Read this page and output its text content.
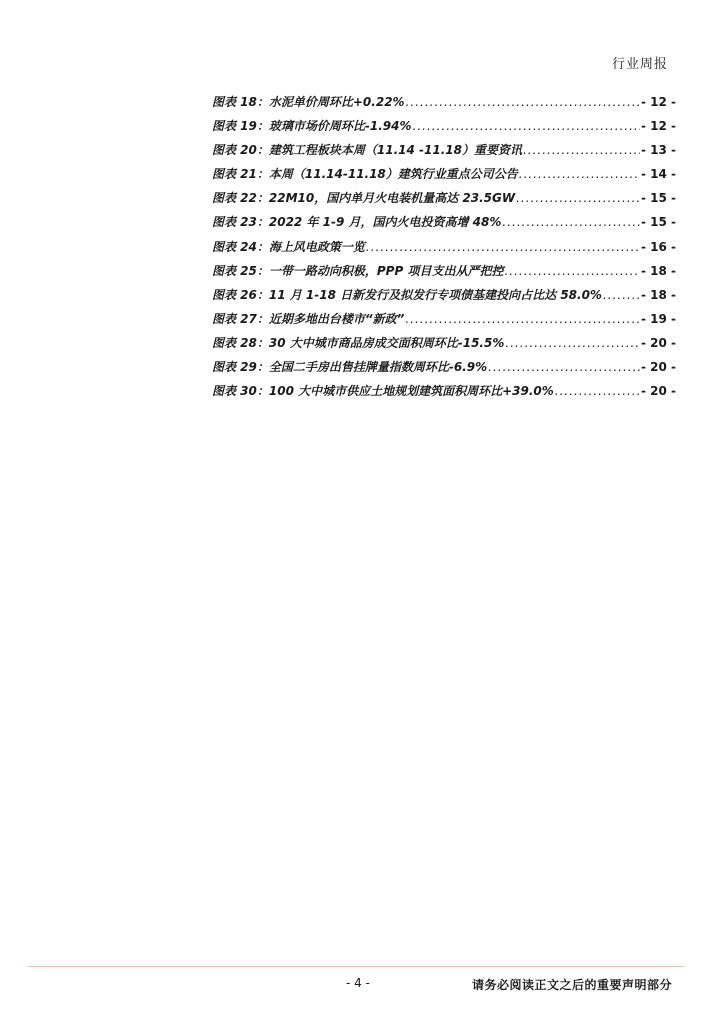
行业周报
图表 18：水泥单价周环比+0.22% .....	- 12 -
图表 19：玻璃市场价周环比-1.94% .....	- 12 -
图表 20：建筑工程板块本周（11.14 -11.18）重要资讯 .....	- 13 -
图表 21：本周（11.14-11.18）建筑行业重点公司公告 .....	- 14 -
图表 22：22M10，国内单月火电装机量高达 23.5GW .....	- 15 -
图表 23：2022 年 1-9 月，国内火电投资高增 48% .....	- 15 -
图表 24：海上风电政策一览 .....	- 16 -
图表 25：一带一路动向积极，PPP 项目支出从严把控 .....	- 18 -
图表 26：11 月 1-18 日新发行及拟发行专项债基建投向占比达 58.0% .....	- 18 -
图表 27：近期多地出台楼市“新政” .....	- 19 -
图表 28：30 大中城市商品房成交面积周环比-15.5% .....	- 20 -
图表 29：全国二手房出售挂牌量指数周环比-6.9% .....	- 20 -
图表 30：100 大中城市供应土地规划建筑面积周环比+39.0% .....	- 20 -
- 4 -	请务必阅读正文之后的重要声明部分
